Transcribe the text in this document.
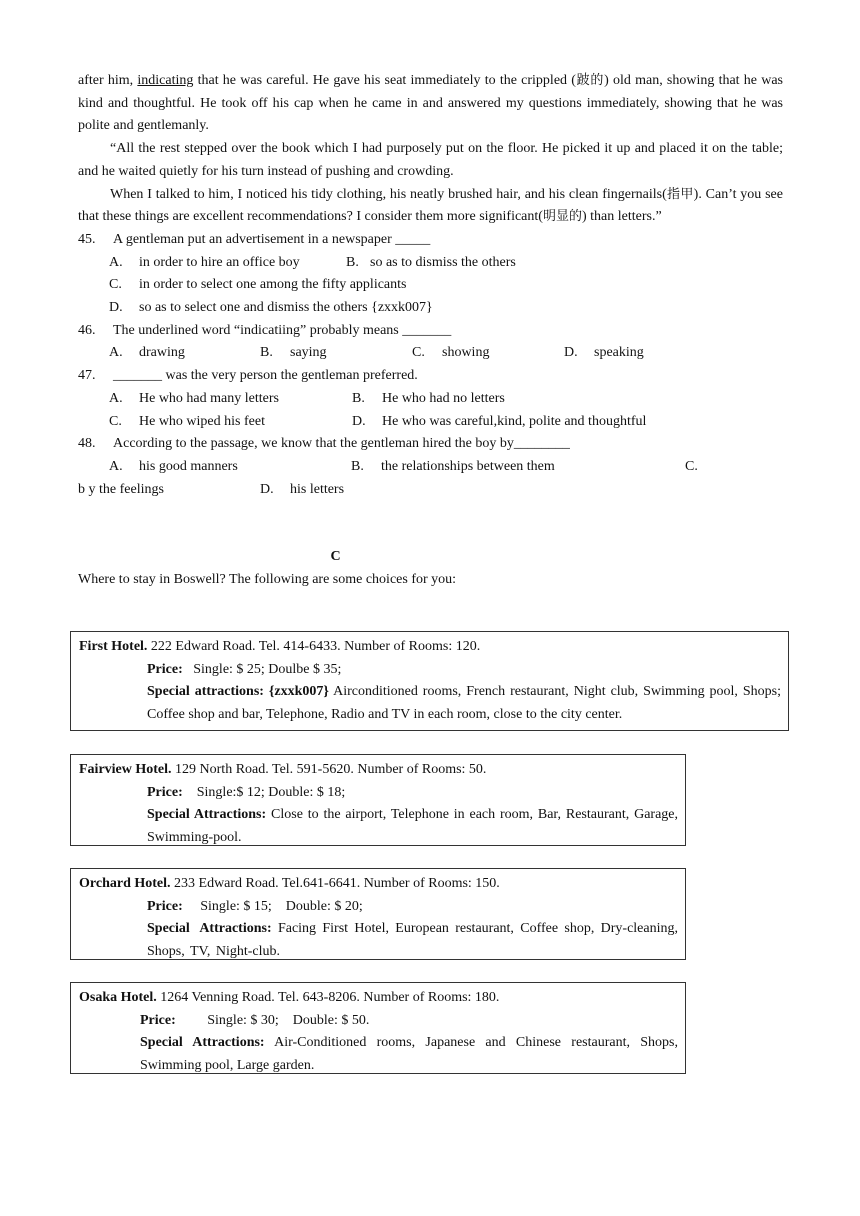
after him, indicating that he was careful. He gave his seat immediately to the crippled (跛的) old man, showing that he was kind and thoughtful. He took off his cap when he came in and answered my questions immediately, showing that he was polite and gentlemanly.

“All the rest stepped over the book which I had purposely put on the floor. He picked it up and placed it on the table; and he waited quietly for his turn instead of pushing and crowding.

When I talked to him, I noticed his tidy clothing, his neatly brushed hair, and his clean fingernails(指甲). Can’t you see that these things are excellent recommendations? I consider them more significant(明显的) than letters.”

45. A gentleman put an advertisement in a newspaper _____
A. in order to hire an office boy	B. so as to dismiss the others
C. in order to select one among the fifty applicants
D. so as to select one and dismiss the others {zxxk007}
46. The underlined word “indicatiing” probably means _______
A. drawing	B. saying	C. showing	D. speaking
47. _______ was the very person the gentleman preferred.
A. He who had many letters	B. He who had no letters
C. He who wiped his feet	D. He who was careful,kind, polite and thoughtful
48. According to the passage, we know that the gentleman hired the boy by________
A. his good manners	B. the relationships between them	C.
b y the feelings	D. his letters

C

Where to stay in Boswell? The following are some choices for you:

First Hotel. 222 Edward Road. Tel. 414-6433. Number of Rooms: 120.

Price: Single: $ 25; Doulbe $ 35;

Special attractions: {zxxk007} Airconditioned rooms, French restaurant, Night club, Swimming pool, Shops; Coffee shop and bar, Telephone, Radio and TV in each room, close to the city center.

Fairview Hotel. 129 North Road. Tel. 591-5620. Number of Rooms: 50.

Price: Single:$ 12; Double: $ 18;

Special Attractions: Close to the airport, Telephone in each room, Bar, Restaurant, Garage, Swimming-pool.

Orchard Hotel. 233 Edward Road. Tel.641-6641. Number of Rooms: 150.

Price: Single: $ 15;    Double: $ 20;

Special Attractions: Facing First Hotel, European restaurant, Coffee shop, Dry-cleaning, Shops, TV, Night-club.

Osaka Hotel. 1264 Venning Road. Tel. 643-8206. Number of Rooms: 180.

Price: Single: $ 30;    Double: $ 50.

Special Attractions: Air-Conditioned rooms, Japanese and Chinese restaurant, Shops, Swimming pool, Large garden.
